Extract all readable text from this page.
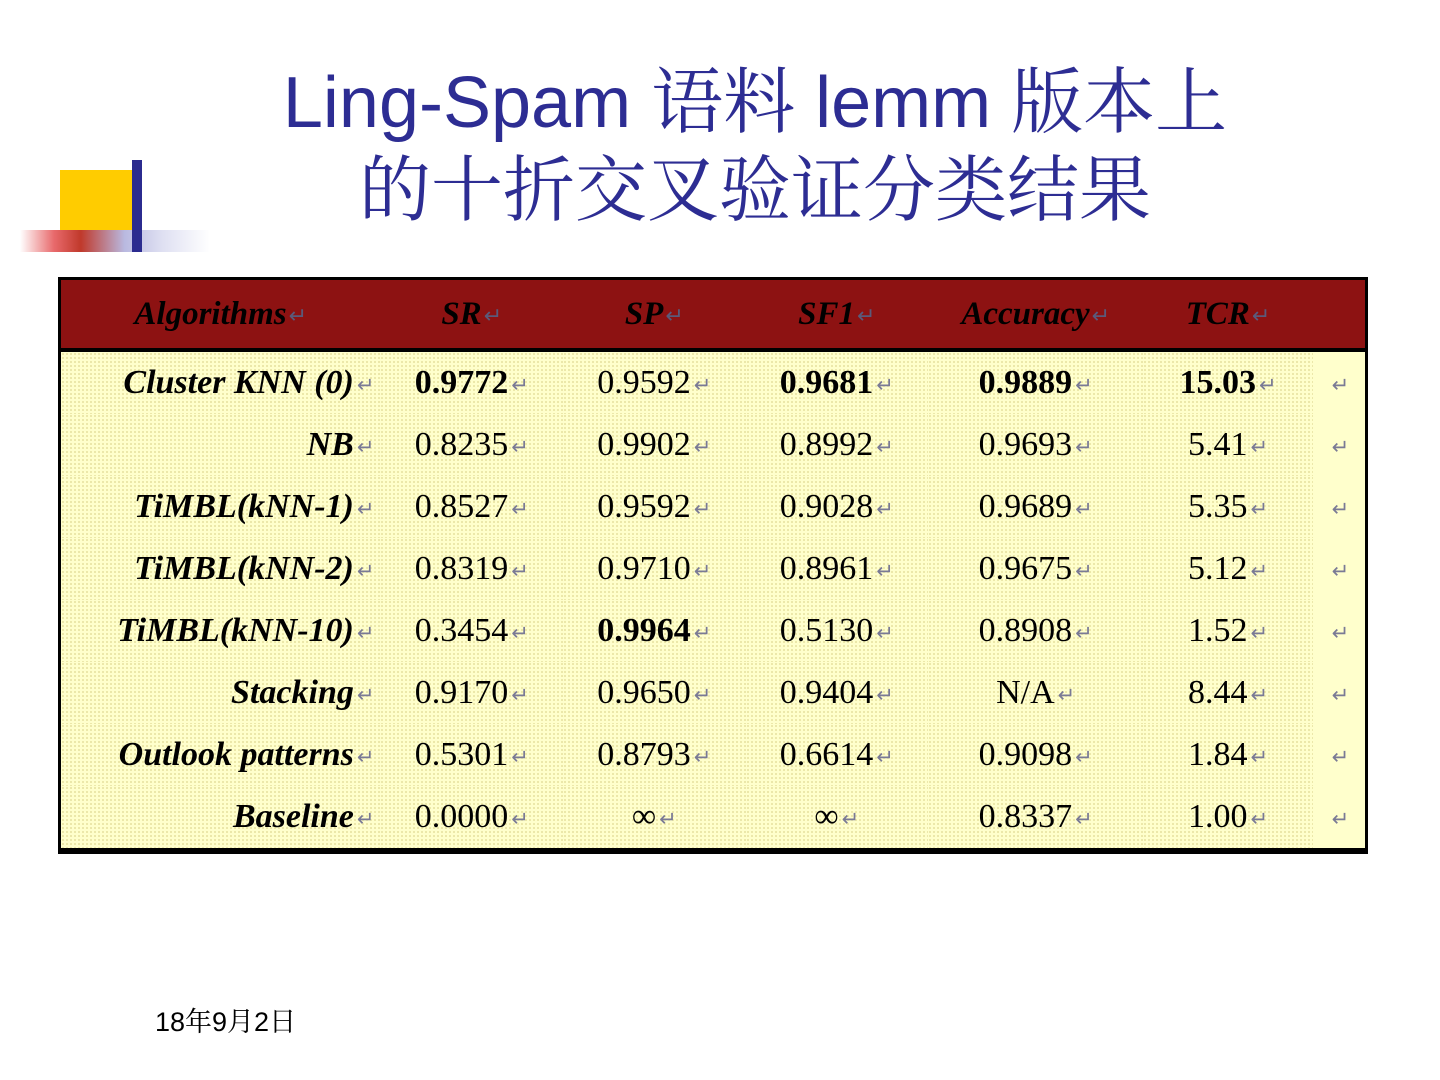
Ling-Spam 语料 lemm 版本上
的十折交叉验证分类结果
Algorithms↵	SR↵	SP↵	SF1↵	Accuracy↵	TCR↵	
Cluster KNN (0) ↵	0.9772 ↵	0.9592 ↵	0.9681 ↵	0.9889 ↵	15.03 ↵	↵
NB ↵	0.8235 ↵	0.9902 ↵	0.8992 ↵	0.9693 ↵	5.41 ↵	↵
TiMBL(kNN-1) ↵	0.8527 ↵	0.9592 ↵	0.9028 ↵	0.9689 ↵	5.35 ↵	↵
TiMBL(kNN-2) ↵	0.8319 ↵	0.9710 ↵	0.8961 ↵	0.9675 ↵	5.12 ↵	↵
TiMBL(kNN-10) ↵	0.3454 ↵	0.9964 ↵	0.5130 ↵	0.8908 ↵	1.52 ↵	↵
Stacking ↵	0.9170 ↵	0.9650 ↵	0.9404 ↵	N/A ↵	8.44 ↵	↵
Outlook patterns ↵	0.5301 ↵	0.8793 ↵	0.6614 ↵	0.9098 ↵	1.84 ↵	↵
Baseline ↵	0.0000 ↵	∞ ↵	∞ ↵	0.8337 ↵	1.00 ↵	↵
18年9月2日
